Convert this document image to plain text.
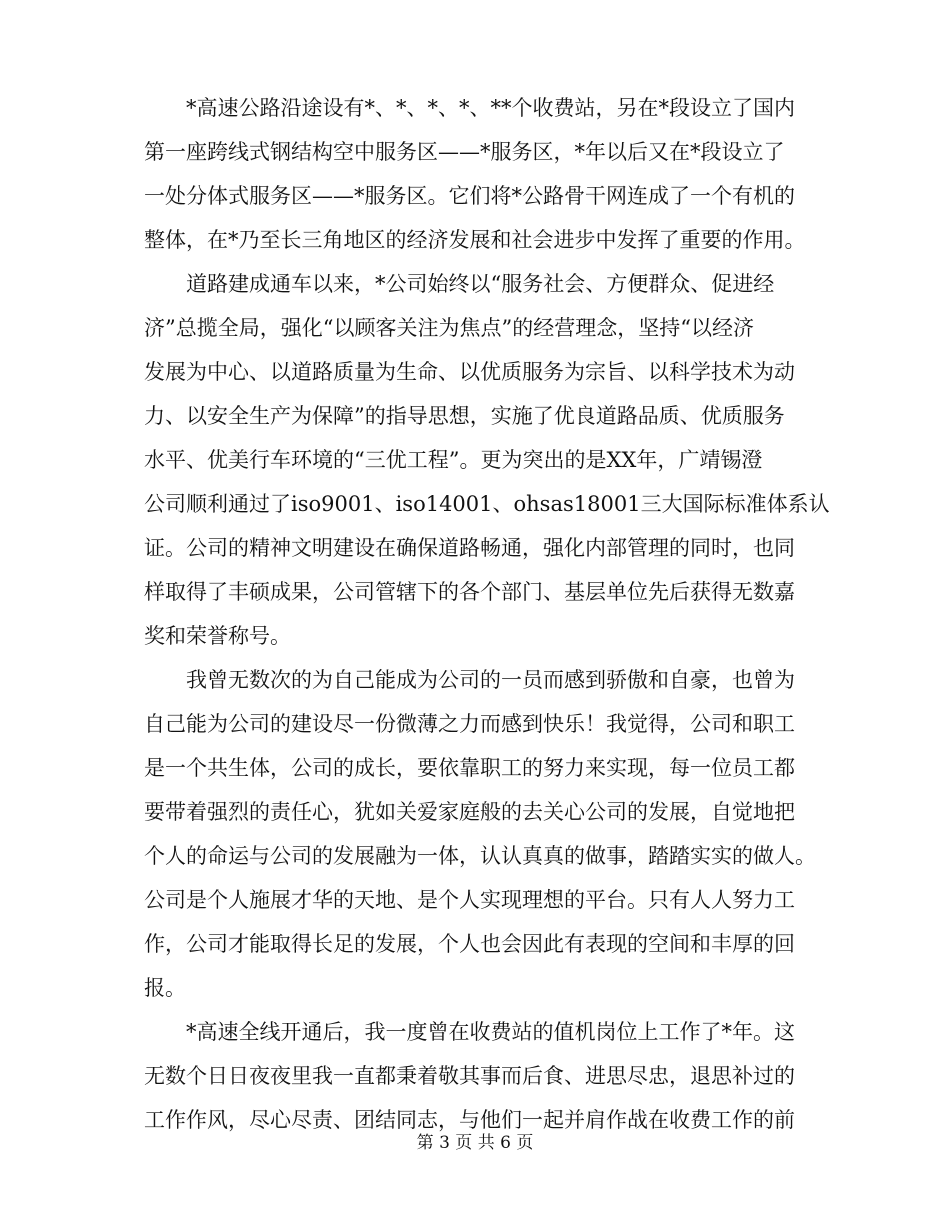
*高速公路沿途设有*、*、*、*、**个收费站，另在*段设立了国内
第一座跨线式钢结构空中服务区——*服务区，*年以后又在*段设立了
一处分体式服务区——*服务区。它们将*公路骨干网连成了一个有机的
整体，在*乃至长三角地区的经济发展和社会进步中发挥了重要的作用。
道路建成通车以来，*公司始终以“服务社会、方便群众、促进经
济”总揽全局，强化“以顾客关注为焦点”的经营理念，坚持“以经济
发展为中心、以道路质量为生命、以优质服务为宗旨、以科学技术为动
力、以安全生产为保障”的指导思想，实施了优良道路品质、优质服务
水平、优美行车环境的“三优工程”。更为突出的是XX年，广靖锡澄
公司顺利通过了iso9001、iso14001、ohsas18001三大国际标准体系认
证。公司的精神文明建设在确保道路畅通，强化内部管理的同时，也同
样取得了丰硕成果，公司管辖下的各个部门、基层单位先后获得无数嘉
奖和荣誉称号。
我曾无数次的为自己能成为公司的一员而感到骄傲和自豪，也曾为
自己能为公司的建设尽一份微薄之力而感到快乐！我觉得，公司和职工
是一个共生体，公司的成长，要依靠职工的努力来实现，每一位员工都
要带着强烈的责任心，犹如关爱家庭般的去关心公司的发展，自觉地把
个人的命运与公司的发展融为一体，认认真真的做事，踏踏实实的做人。
公司是个人施展才华的天地、是个人实现理想的平台。只有人人努力工
作，公司才能取得长足的发展，个人也会因此有表现的空间和丰厚的回
报。
*高速全线开通后，我一度曾在收费站的值机岗位上工作了*年。这
无数个日日夜夜里我一直都秉着敬其事而后食、进思尽忠，退思补过的
工作作风，尽心尽责、团结同志，与他们一起并肩作战在收费工作的前
第 3 页 共 6 页
